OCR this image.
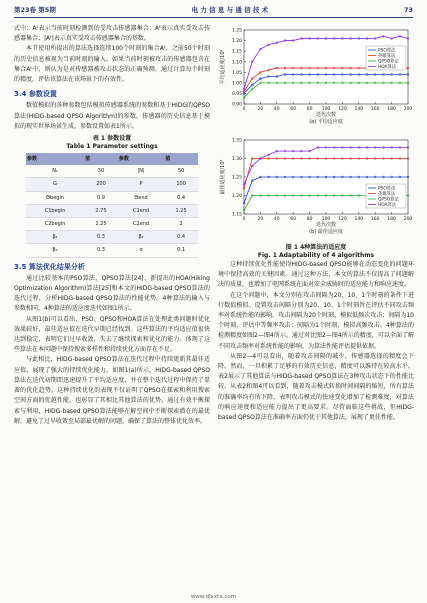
第23卷 第5期	电 力 信 息 与 通 信 技 术	73

式中：Aᵗ表示当前时刻检测到的受攻击传感器集合；Aᵗ表示真实受攻击传感器集合；|Aᵗ|表示真实受攻击传感器集合的基数。

本节使用所提出的算法选择连续100个时刻的集合Aᵗ，之前50个时刻的历史信息被视为当前时刻的输入。如果当前时刻被攻击的传感器包含在集合Aᵗ中，则认为是对传感器被攻击状态的正确预测。通过计算每个时刻的精度，评估该算法在该场景下的有效性。

3.4 参数设置

数值模拟的各种参数包括模拟传感器系统的参数和基于HIDG的QPSO算法(HIDG-based QPSO Algorithm)的参数。传感器的历史信息基于模拟的现实世界场景生成，参数设置如表1所示。

表 1 参数设置
Table 1 Parameter settings
参数	值	参数	值
N₁	30	|N|	50
G	200	P	100
Θbegin	0.9	Θend	0.4
C1begin	2.75	C1end	1.25
C2begin	1.25	C2end	2
β₁	0.3	β₂	0.4
β₃	0.3	σ	0.1
3.5 算法优化结果分析

通过比较基本的PSO算法、QPSO算法[24]、新提出的HOA(Hiking Optimization Algorithm)算法[25]和本文的HIDG-based QPSO算法的迭代过程，分析HIDG-based QPSO算法的性能优势。4种算法的输入与参数相同，4种算法的适应度迭代如图1所示。

从图1(b)可以看出，PSO、QPSO和HOA算法在处理此类问题时优化效果较好，最佳适应值在迭代早期已经找到。这些算法的平均适应值很快达到稳定，表明它们过早收敛，失去了继续探索和优化的能力。体现了这些算法在本问题中保持搜索多样性和持续优化方面存在不足。

与此相比，HIDG-based QPSO算法在迭代过程中持续更新其最佳适应值，展现了强大的持续优化能力。如图1(a)所示，HIDG-based QPSO算法在迭代初期即迅速提升了平均适应度，并在整个迭代过程中保持了显著的优化趋势，这种持续优化的表现不仅证明了QPSO在探索和利用搜索空间方面的优越性能，也彰显了其相比其他算法的优势。通过有效平衡探索与利用，HIDG-based QPSO算法能够在解空间中不断探索潜在的最优解，避免了过早收敛至局部最优解的问题，确保了算法的整体优化效率。

0.90
0.95
1.00
1.05
1.10
1.15
1.20
1.25
0	20 40 60 80 100 120 140 160 180 200
迭代次数
平均适应度/10²
(a) 平均适应度
PSO算法
英雄算法
QPSO算法
HOA算法
1.15
1.20
1.25
1.30
1.35
0	20 40 60 80 100 120 140 160 180 200
迭代次数
最佳适应度/10²
(b) 最佳适应度
PSO算法
英雄算法
QPSO算法
HOA算法
图 1 4种算法的适应度
Fig. 1 Adaptability of 4 algorithms

这种持续优化性能使得HIDG-based QPSO能够在动态变化的问题环境中保持高效的关键因素。通过这种方法，本文的算法不仅提高了问题解决的质量，也增加了电网系统在面对安全威胁时的适应能力和响应速度。

在这个问题中，本文分别在攻击间隔为20、10、1个时刻的条件下进行数值模拟。设置攻击间隔分别为20、10、1个时刻旨在评估不同攻击频率对系统性能的影响。攻击间隔为20个时刻，模拟低频次攻击；间隔为10个时刻，评估中等频率攻击；间隔为1个时刻，模拟高频攻击。4种算法的检测精度如图2—图4所示。通过对比图2—图4所示的精度，可以全面了解不同攻击频率对系统性能的影响，为算法性能评估提供依据。

从图2—4可以看出，随着攻击间隔的减少，传感器选择的精度会下降。然而，一旦积累了足够的有效历史信息，精度可以维持在较高水平。表2展示了其他算法与HIDG-based QPSO算法在3种攻击状态下的性能比较。从表2和图4可以看到，随着攻击模式转换时间间隔的缩短，所有算法的准确率均有所下降，表明攻击模式的快速变化增加了检测难度，对算法的响应速度和适应能力提出了更高要求。尽管面临这些挑战，但HIDG-based QPSO算法在准确率方面仍优于其他算法，展现了更佳性能。

www.dlxxtx.com
